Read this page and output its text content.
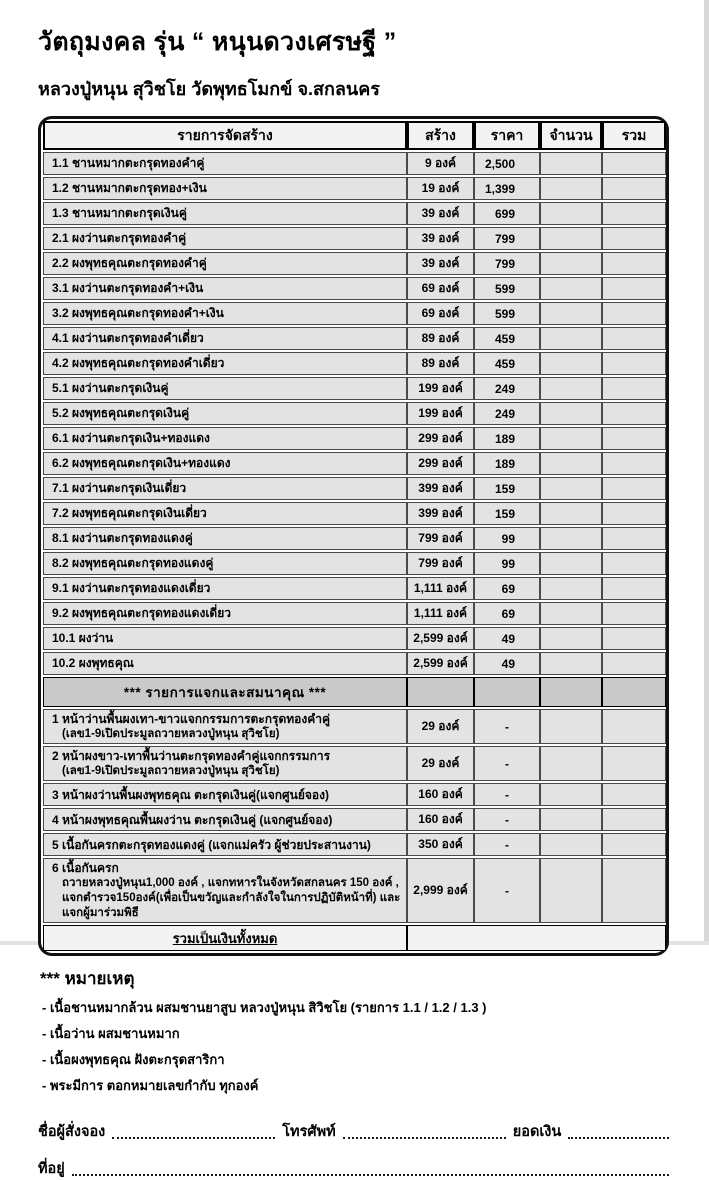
วัตถุมงคล รุ่น “ หนุนดวงเศรษฐี ”
หลวงปู่หนุน สุวิชโย วัดพุทธโมกข์ จ.สกลนคร
รายการจัดสร้าง	สร้าง	ราคา	จำนวน	รวม
1.1 ชานหมากตะกรุดทองคำคู่	9 องค์	2,500		
1.2 ชานหมากตะกรุดทอง+เงิน	19 องค์	1,399		
1.3 ชานหมากตะกรุดเงินคู่	39 องค์	699		
2.1 ผงว่านตะกรุดทองคำคู่	39 องค์	799		
2.2 ผงพุทธคุณตะกรุดทองคำคู่	39 องค์	799		
3.1 ผงว่านตะกรุดทองคำ+เงิน	69 องค์	599		
3.2 ผงพุทธคุณตะกรุดทองคำ+เงิน	69 องค์	599		
4.1 ผงว่านตะกรุดทองคำเดี่ยว	89 องค์	459		
4.2 ผงพุทธคุณตะกรุดทองคำเดี่ยว	89 องค์	459		
5.1 ผงว่านตะกรุดเงินคู่	199 องค์	249		
5.2 ผงพุทธคุณตะกรุดเงินคู่	199 องค์	249		
6.1 ผงว่านตะกรุดเงิน+ทองแดง	299 องค์	189		
6.2 ผงพุทธคุณตะกรุดเงิน+ทองแดง	299 องค์	189		
7.1 ผงว่านตะกรุดเงินเดี่ยว	399 องค์	159		
7.2 ผงพุทธคุณตะกรุดเงินเดี่ยว	399 องค์	159		
8.1 ผงว่านตะกรุดทองแดงคู่	799 องค์	99		
8.2 ผงพุทธคุณตะกรุดทองแดงคู่	799 องค์	99		
9.1 ผงว่านตะกรุดทองแดงเดี่ยว	1,111 องค์	69		
9.2 ผงพุทธคุณตะกรุดทองแดงเดี่ยว	1,111 องค์	69		
10.1 ผงว่าน	2,599 องค์	49		
10.2 ผงพุทธคุณ	2,599 องค์	49		
*** รายการแจกและสมนาคุณ ***				

1 หน้าว่านพื้นผงเทา-ขาวแจกกรรมการตะกรุดทองคำคู่
(เลข1-9เปิดประมูลถวายหลวงปู่หนุน สุวิชโย)	29 องค์	-		

2 หน้าผงขาว-เทาพื้นว่านตะกรุดทองคำคู่แจกกรรมการ
(เลข1-9เปิดประมูลถวายหลวงปู่หนุน สุวิชโย)	29 องค์	-		

3 หน้าผงว่านพื้นผงพุทธคุณ ตะกรุดเงินคู่(แจกศูนย์จอง)	160 องค์	-		

4 หน้าผงพุทธคุณพื้นผงว่าน ตะกรุดเงินคู่ (แจกศูนย์จอง)	160 องค์	-		

5 เนื้อกันครกตะกรุดทองแดงคู่ (แจกแม่ครัว ผู้ช่วยประสานงาน)	350 องค์	-		

6 เนื้อกันครก
ถวายหลวงปู่หนุน1,000 องค์ , แจกทหารในจังหวัดสกลนคร 150 องค์ , แจกตำรวจ150องค์(เพื่อเป็นขวัญและกำลังใจในการปฏิบัติหน้าที่) และแจกผู้มาร่วมพิธี	2,999 องค์	-		
รวมเป็นเงินทั้งหมด				
*** หมายเหตุ
- เนื้อชานหมากล้วน ผสมชานยาสูบ หลวงปู่หนุน สิวิชโย (รายการ 1.1 / 1.2 / 1.3 )
- เนื้อว่าน ผสมชานหมาก
- เนื้อผงพุทธคุณ ฝังตะกรุดสาริกา
- พระมีการ ตอกหมายเลขกำกับ ทุกองค์
ชื่อผู้สั่งจอง	โทรศัพท์	ยอดเงิน
ที่อยู่
